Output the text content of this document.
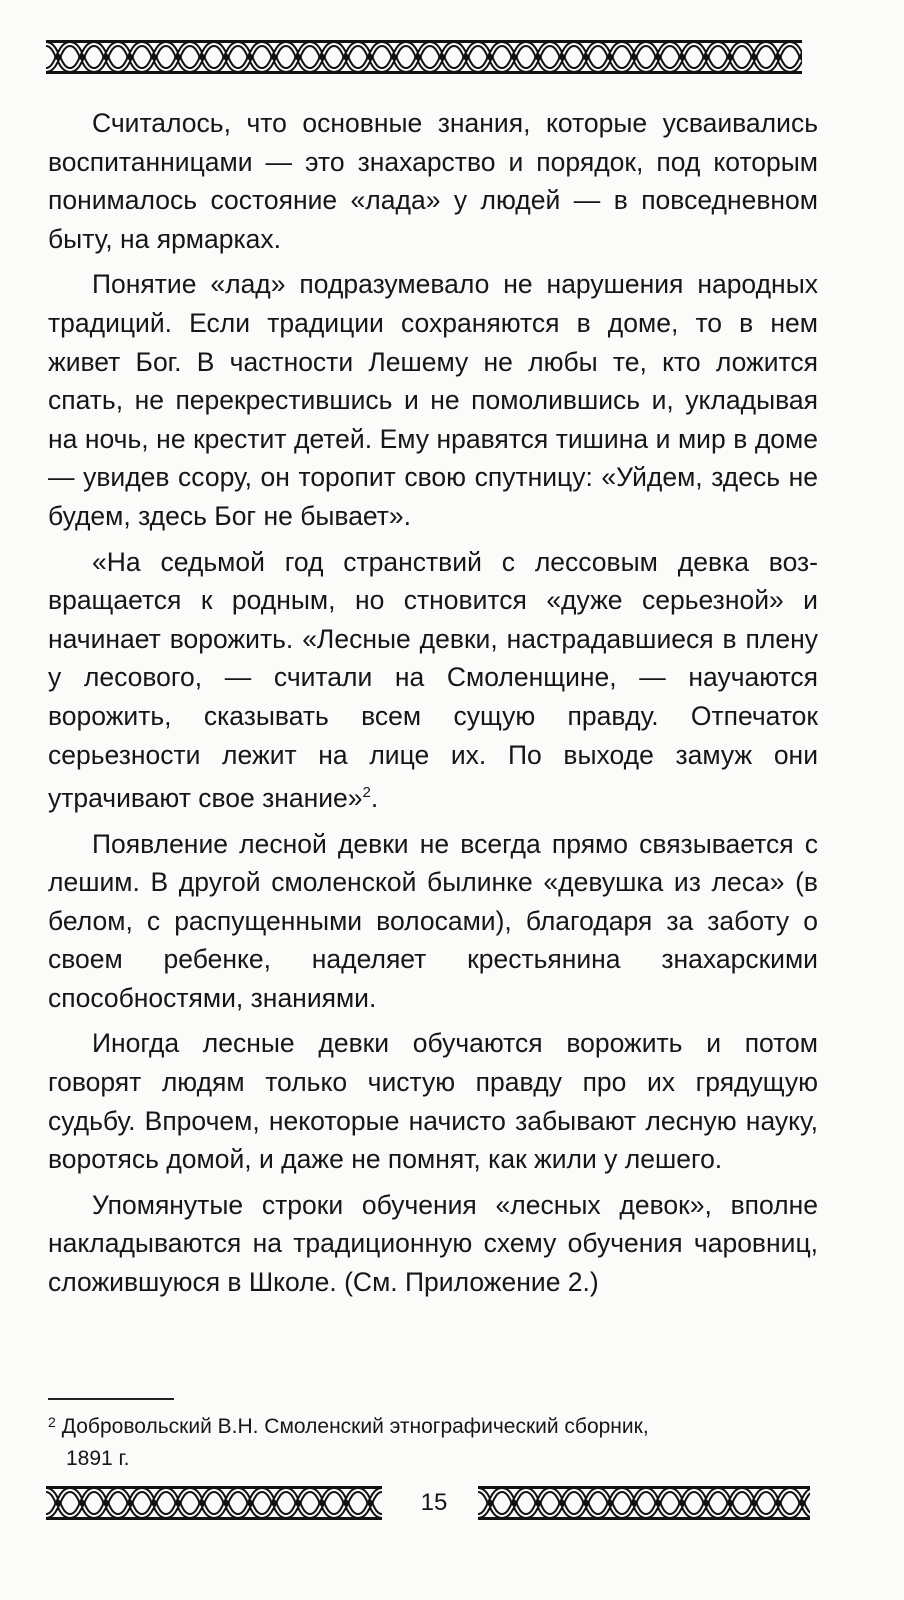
Считалось, что основные знания, которые усваивались воспитанницами — это знахарство и порядок, под которым понималось состояние «лада» у людей — в повседневном быту, на ярмарках.

Понятие «лад» подразумевало не нарушения народных традиций. Если традиции сохраняются в доме, то в нем живет Бог. В частности Лешему не любы те, кто ложится спать, не перекрестившись и не помолившись и, укладывая на ночь, не крестит детей. Ему нравятся тишина и мир в доме — увидев ссору, он торопит свою спутницу: «Уйдем, здесь не будем, здесь Бог не бывает».

«На седьмой год странствий с лессовым девка возвращается к родным, но стновится «дуже серьезной» и начинает ворожить. «Лесные девки, настрадавшиеся в плену у лесового, — считали на Смоленщине, — научаются ворожить, сказывать всем сущую правду. Отпечаток серьезности лежит на лице их. По выходе замуж они утрачивают свое знание»$^2$.

Появление лесной девки не всегда прямо связывается с лешим. В другой смоленской былинке «девушка из леса» (в белом, с распущенными волосами), благодаря за заботу о своем ребенке, наделяет крестьянина знахарскими способностями, знаниями.

Иногда лесные девки обучаются ворожить и потом говорят людям только чистую правду про их грядущую судьбу. Впрочем, некоторые начисто забывают лесную науку, воротясь домой, и даже не помнят, как жили у лешего.

Упомянутые строки обучения «лесных девок», вполне накладываются на традиционную схему обучения чаровниц, сложившуюся в Школе. (См. Приложение 2.)

$^2$ Добровольский В.Н. Смоленский этнографический сборник,
1891 г.
15
